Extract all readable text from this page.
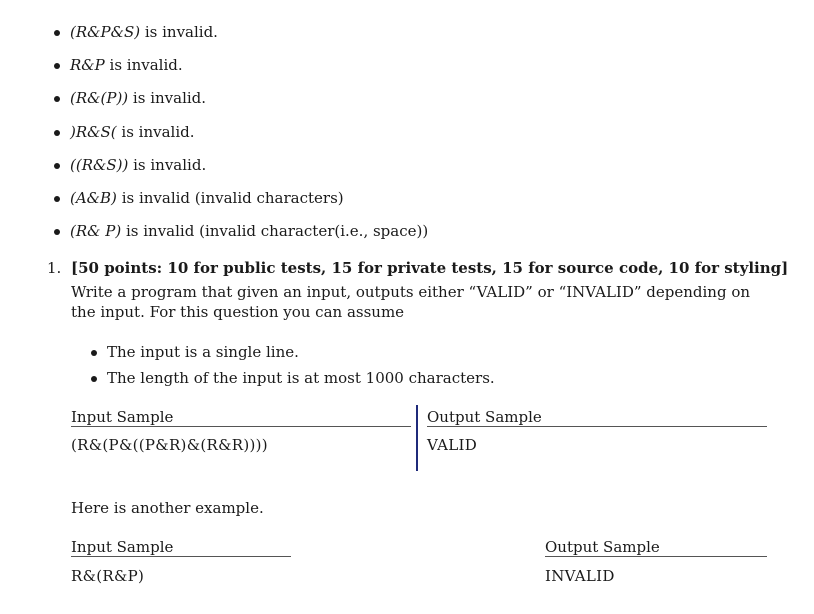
(R&P&S) is invalid.
R&P is invalid.
(R&(P)) is invalid.
)R&S( is invalid.
((R&S)) is invalid.
(A&B) is invalid (invalid characters)
(R& P) is invalid (invalid character(i.e., space))
1. [50 points: 10 for public tests, 15 for private tests, 15 for source code, 10 for styling]
Write a program that given an input, outputs either “VALID” or “INVALID” depending on the input. For this question you can assume
The input is a single line.
The length of the input is at most 1000 characters.
Input Sample
(R&(P&((P&R)&(R&R))))
Output Sample
VALID
Here is another example.
Input Sample
R&(R&P)
Output Sample
INVALID
